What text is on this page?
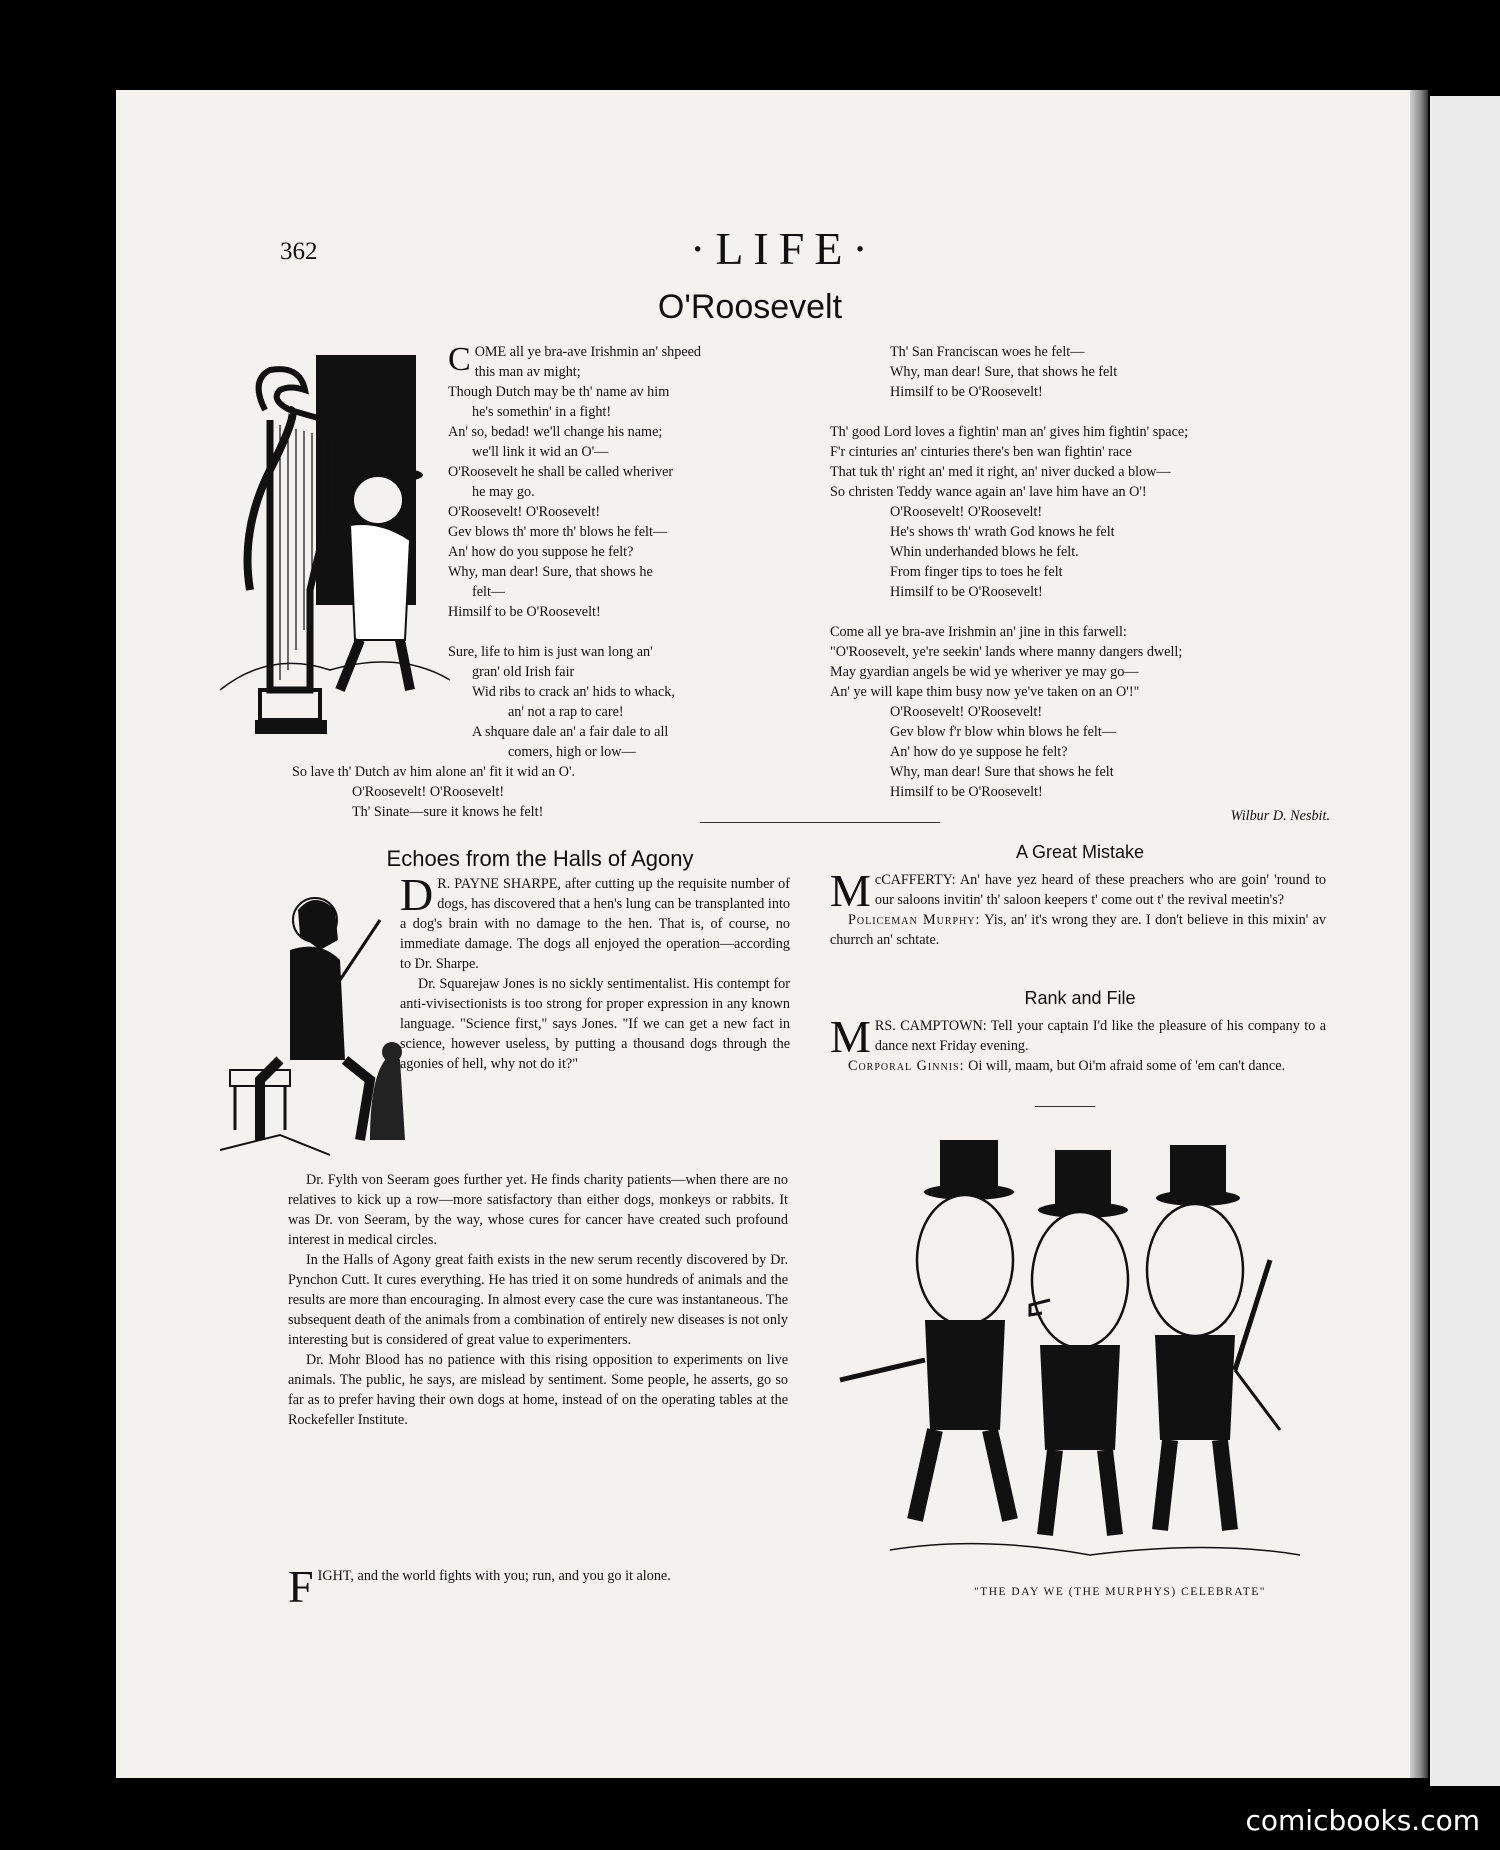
362	·LIFE·
O'Roosevelt

COME all ye bra-ave Irishmin an' shpeed

this man av might;

Though Dutch may be th' name av him

he's somethin' in a fight!

An' so, bedad! we'll change his name;

we'll link it wid an O'—

O'Roosevelt he shall be called wheriver

he may go.

O'Roosevelt! O'Roosevelt!

Gev blows th' more th' blows he felt—

An' how do you suppose he felt?

Why, man dear! Sure, that shows he

felt—

Himsilf to be O'Roosevelt!

Sure, life to him is just wan long an'

gran' old Irish fair

Wid ribs to crack an' hids to whack,

an' not a rap to care!

A shquare dale an' a fair dale to all

comers, high or low—

So lave th' Dutch av him alone an' fit it wid an O'.

O'Roosevelt! O'Roosevelt!

Th' Sinate—sure it knows he felt!

Th' San Franciscan woes he felt—

Why, man dear! Sure, that shows he felt

Himsilf to be O'Roosevelt!

Th' good Lord loves a fightin' man an' gives him fightin' space;

F'r cinturies an' cinturies there's ben wan fightin' race

That tuk th' right an' med it right, an' niver ducked a blow—

So christen Teddy wance again an' lave him have an O'!

O'Roosevelt! O'Roosevelt!

He's shows th' wrath God knows he felt

Whin underhanded blows he felt.

From finger tips to toes he felt

Himsilf to be O'Roosevelt!

Come all ye bra-ave Irishmin an' jine in this farwell:

"O'Roosevelt, ye're seekin' lands where manny dangers dwell;

May gyardian angels be wid ye wheriver ye may go—

An' ye will kape thim busy now ye've taken on an O'!"

O'Roosevelt! O'Roosevelt!

Gev blow f'r blow whin blows he felt—

An' how do ye suppose he felt?

Why, man dear! Sure that shows he felt

Himsilf to be O'Roosevelt!

Wilbur D. Nesbit.
Echoes from the Halls of Agony

D R. PAYNE SHARPE, after cutting up the requisite number of dogs, has discovered that a hen's lung can be transplanted into a dog's brain with no damage to the hen. That is, of course, no immediate damage. The dogs all enjoyed the operation—according to Dr. Sharpe.

Dr. Squarejaw Jones is no sickly sentimentalist. His contempt for anti-vivisectionists is too strong for proper expression in any known language. "Science first," says Jones. "If we can get a new fact in science, however useless, by putting a thousand dogs through the agonies of hell, why not do it?"

Dr. Fylth von Seeram goes further yet. He finds charity patients—when there are no relatives to kick up a row—more satisfactory than either dogs, monkeys or rabbits. It was Dr. von Seeram, by the way, whose cures for cancer have created such profound interest in medical circles.

In the Halls of Agony great faith exists in the new serum recently discovered by Dr. Pynchon Cutt. It cures everything. He has tried it on some hundreds of animals and the results are more than encouraging. In almost every case the cure was instantaneous. The subsequent death of the animals from a combination of entirely new diseases is not only interesting but is considered of great value to experimenters.

Dr. Mohr Blood has no patience with this rising opposition to experiments on live animals. The public, he says, are mislead by sentiment. Some people, he asserts, go so far as to prefer having their own dogs at home, instead of on the operating tables at the Rockefeller Institute.

FIGHT, and the world fights with you; run, and you go it alone.

A Great Mistake

McCAFFERTY: An' have yez heard of these preachers who are goin' 'round to our saloons invitin' th' saloon keepers t' come out t' the revival meetin's?

Policeman Murphy: Yis, an' it's wrong they are. I don't believe in this mixin' av churrch an' schtate.

Rank and File

MRS. CAMPTOWN: Tell your captain I'd like the pleasure of his company to a dance next Friday evening.

Corporal Ginnis: Oi will, maam, but Oi'm afraid some of 'em can't dance.

"THE DAY WE (THE MURPHYS) CELEBRATE"
comicbooks.com
